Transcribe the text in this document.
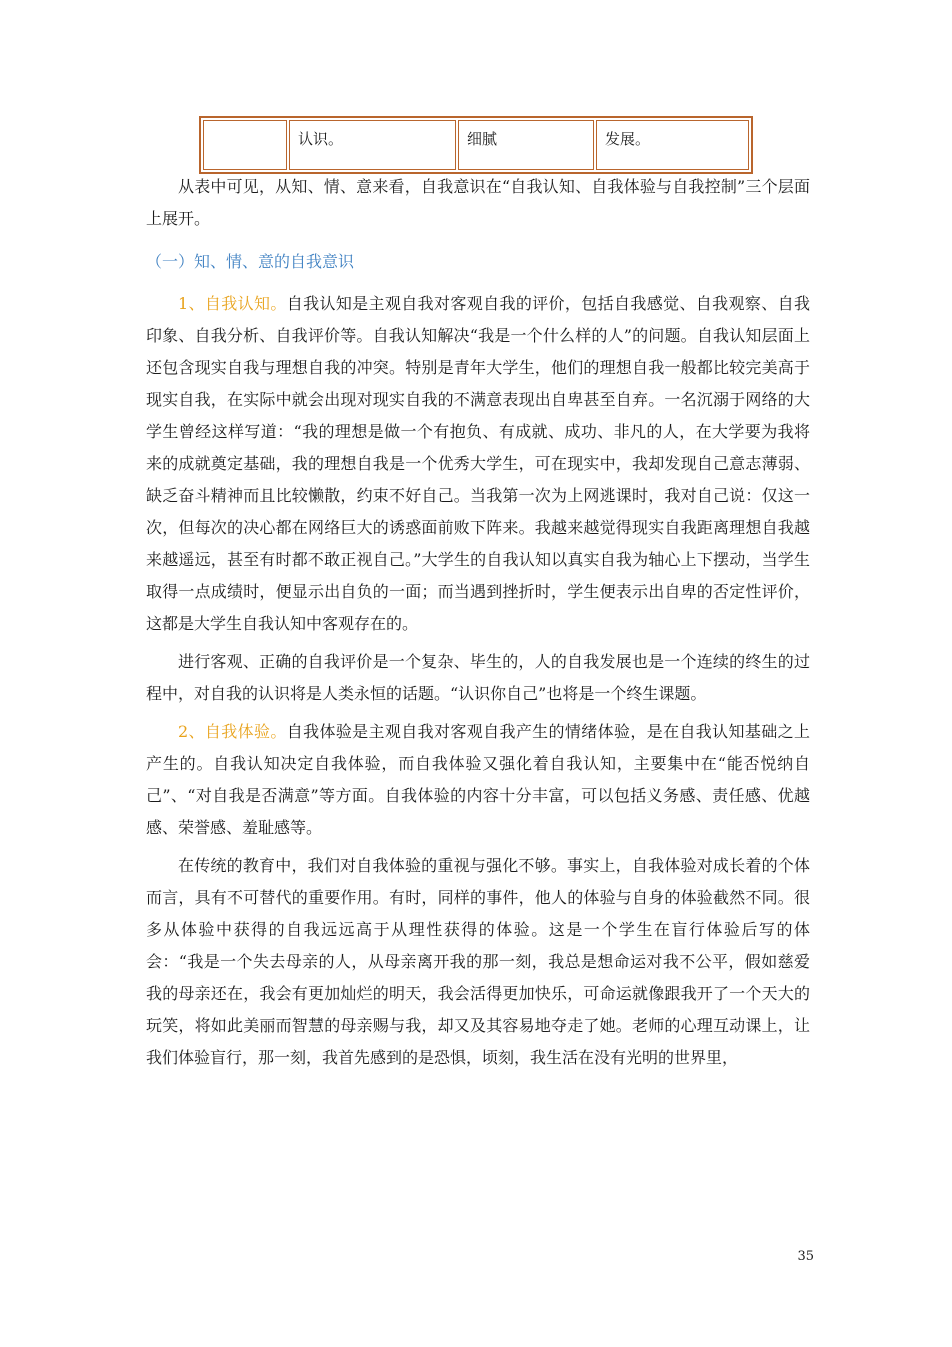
认识。	细腻	发展。

从表中可见，从知、情、意来看，自我意识在“自我认知、自我体验与自我控制”三个层面上展开。

（一）知、情、意的自我意识

1、自我认知。自我认知是主观自我对客观自我的评价，包括自我感觉、自我观察、自我印象、自我分析、自我评价等。自我认知解决“我是一个什么样的人”的问题。自我认知层面上还包含现实自我与理想自我的冲突。特别是青年大学生，他们的理想自我一般都比较完美高于现实自我，在实际中就会出现对现实自我的不满意表现出自卑甚至自弃。一名沉溺于网络的大学生曾经这样写道：“我的理想是做一个有抱负、有成就、成功、非凡的人，在大学要为我将来的成就奠定基础，我的理想自我是一个优秀大学生，可在现实中，我却发现自己意志薄弱、缺乏奋斗精神而且比较懒散，约束不好自己。当我第一次为上网逃课时，我对自己说：仅这一次，但每次的决心都在网络巨大的诱惑面前败下阵来。我越来越觉得现实自我距离理想自我越来越遥远，甚至有时都不敢正视自己。”大学生的自我认知以真实自我为轴心上下摆动，当学生取得一点成绩时，便显示出自负的一面；而当遇到挫折时，学生便表示出自卑的否定性评价，这都是大学生自我认知中客观存在的。

进行客观、正确的自我评价是一个复杂、毕生的，人的自我发展也是一个连续的终生的过程中，对自我的认识将是人类永恒的话题。“认识你自己”也将是一个终生课题。

2、自我体验。自我体验是主观自我对客观自我产生的情绪体验，是在自我认知基础之上产生的。自我认知决定自我体验，而自我体验又强化着自我认知，主要集中在“能否悦纳自己”、“对自我是否满意”等方面。自我体验的内容十分丰富，可以包括义务感、责任感、优越感、荣誉感、羞耻感等。

在传统的教育中，我们对自我体验的重视与强化不够。事实上，自我体验对成长着的个体而言，具有不可替代的重要作用。有时，同样的事件，他人的体验与自身的体验截然不同。很多从体验中获得的自我远远高于从理性获得的体验。这是一个学生在盲行体验后写的体会：“我是一个失去母亲的人，从母亲离开我的那一刻，我总是想命运对我不公平，假如慈爱我的母亲还在，我会有更加灿烂的明天，我会活得更加快乐，可命运就像跟我开了一个天大的玩笑，将如此美丽而智慧的母亲赐与我，却又及其容易地夺走了她。老师的心理互动课上，让我们体验盲行，那一刻，我首先感到的是恐惧，顷刻，我生活在没有光明的世界里，

35
